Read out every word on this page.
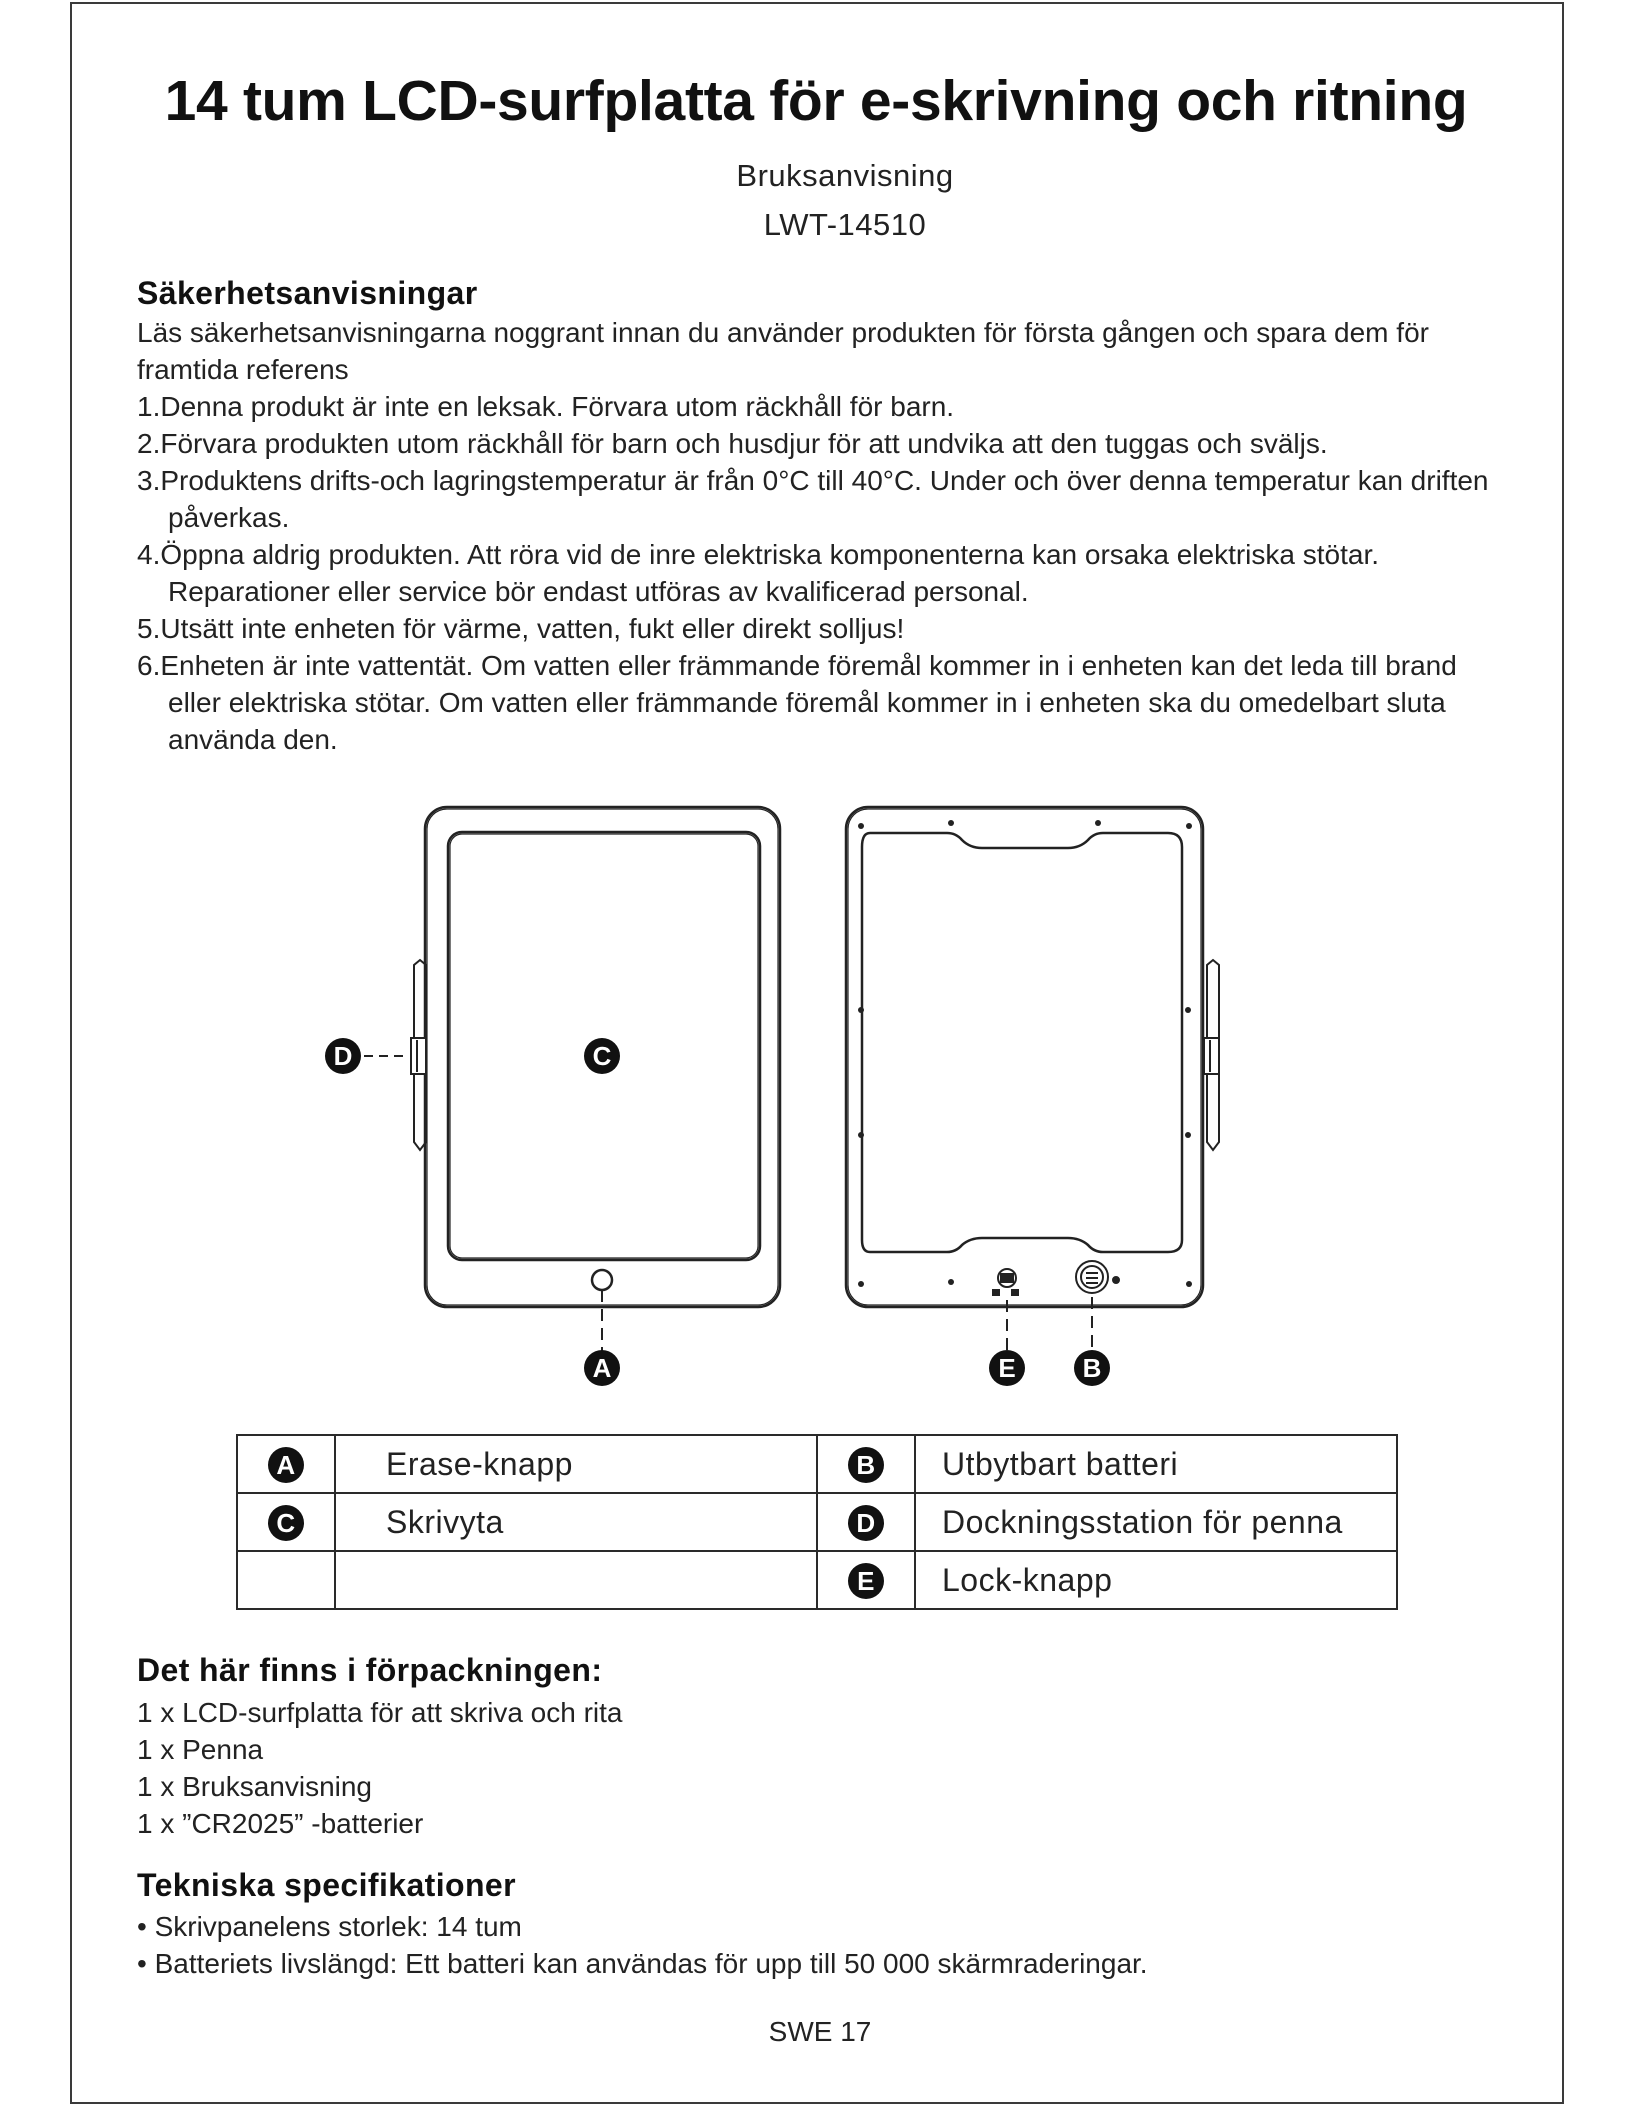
14 tum LCD-surfplatta för e-skrivning och ritning
Bruksanvisning
LWT-14510
Säkerhetsanvisningar

Läs säkerhetsanvisningarna noggrant innan du använder produkten för första gången och spara dem för framtida referens

1.Denna produkt är inte en leksak. Förvara utom räckhåll för barn.

2.Förvara produkten utom räckhåll för barn och husdjur för att undvika att den tuggas och sväljs.

3.Produktens drifts-och lagringstemperatur är från 0°C till 40°C. Under och över denna temperatur kan driften påverkas.

4.Öppna aldrig produkten. Att röra vid de inre elektriska komponenterna kan orsaka elektriska stötar. Reparationer eller service bör endast utföras av kvalificerad personal.

5.Utsätt inte enheten för värme, vatten, fukt eller direkt solljus!

6.Enheten är inte vattentät. Om vatten eller främmande föremål kommer in i enheten kan det leda till brand eller elektriska stötar. Om vatten eller främmande föremål kommer in i enheten ska du omedelbart sluta använda den.

D	C
A	E	B
A	Erase-knapp	B	Utbytbart batteri
C	Skrivyta	D	Dockningsstation för penna
		E	Lock-knapp
Det här finns i förpackningen:

1 x LCD-surfplatta för att skriva och rita

1 x Penna

1 x Bruksanvisning

1 x ”CR2025” -batterier

Tekniska specifikationer

• Skrivpanelens storlek: 14 tum

• Batteriets livslängd: Ett batteri kan användas för upp till 50 000 skärmraderingar.

SWE 17
